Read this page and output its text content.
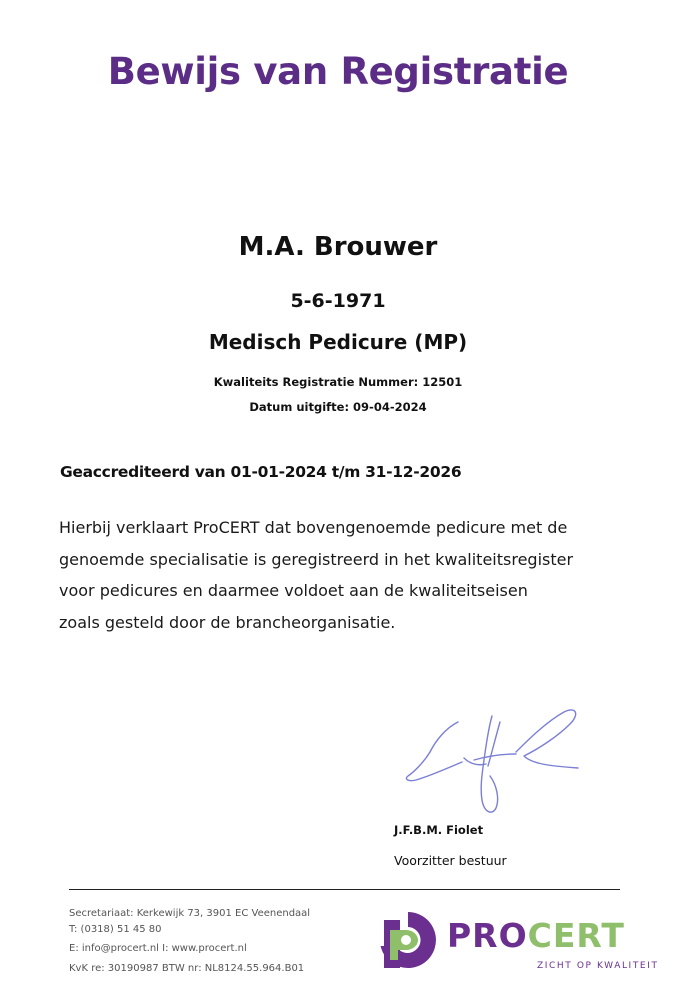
Bewijs van Registratie
M.A. Brouwer
5-6-1971
Medisch Pedicure (MP)
Kwaliteits Registratie Nummer: 12501
Datum uitgifte: 09-04-2024
Geaccrediteerd van 01-01-2024 t/m 31-12-2026
Hierbij verklaart ProCERT dat bovengenoemde pedicure met de
genoemde specialisatie is geregistreerd in het kwaliteitsregister
voor pedicures en daarmee voldoet aan de kwaliteitseisen
zoals gesteld door de brancheorganisatie.
J.F.B.M. Fiolet
Voorzitter bestuur
Secretariaat: Kerkewijk 73, 3901 EC Veenendaal
T: (0318) 51 45 80
E: info@procert.nl I: www.procert.nl
KvK re: 30190987 BTW nr: NL8124.55.964.B01
PROCERT
ZICHT OP KWALITEIT
